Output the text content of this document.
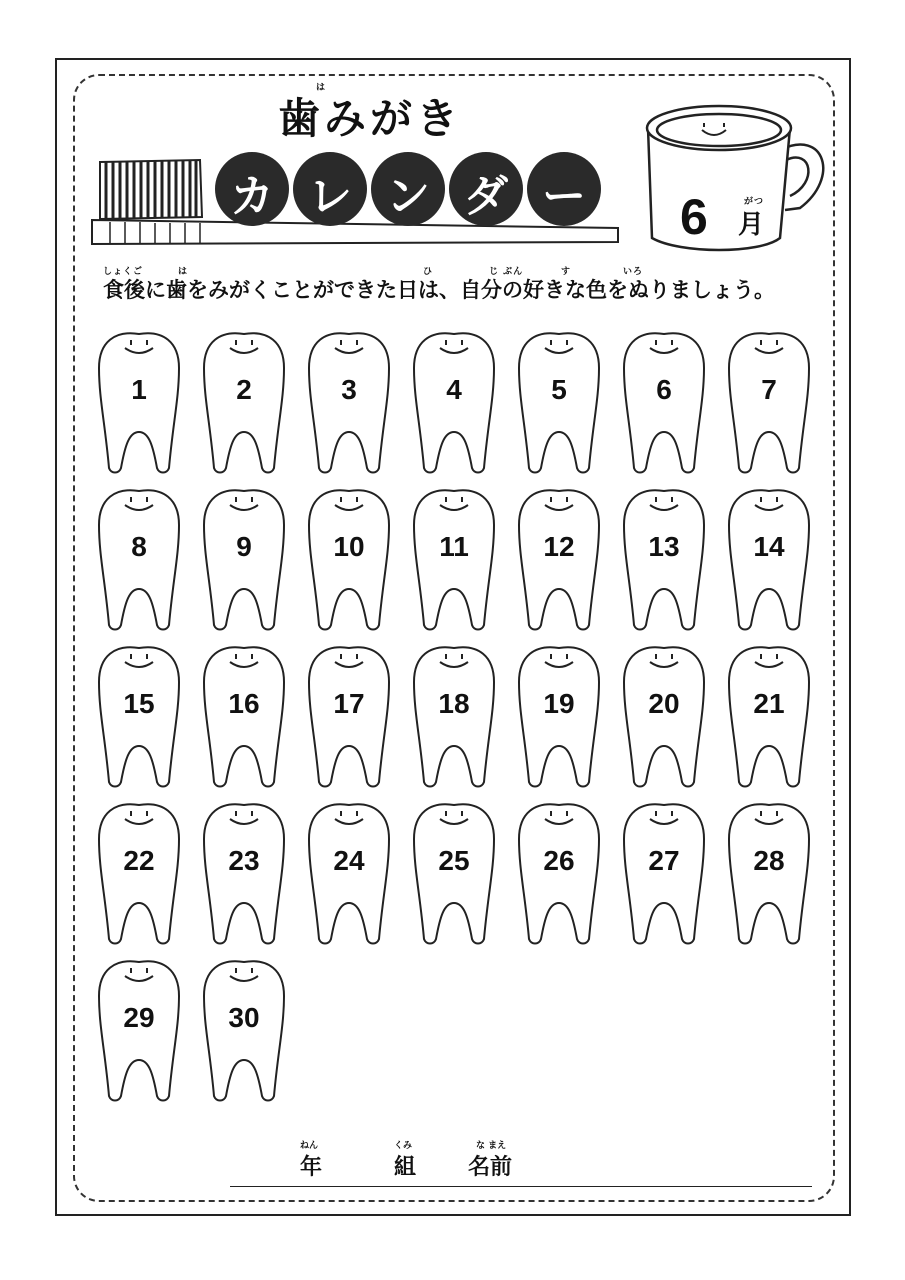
は
歯みがき
カ レ ン ダ ー	がつ
6 月
しょくご	は	ひ	じ ぶん	す	いろ
食後に歯をみがくことができた日は、自分の好きな色をぬりましょう。
1	2	3	4	5	6	7
8	9	10	11	12	13	14
15	16	17	18	19	20	21
22	23	24	25	26	27	28
29	30
ねん
年
くみ
組
な まえ
名前
